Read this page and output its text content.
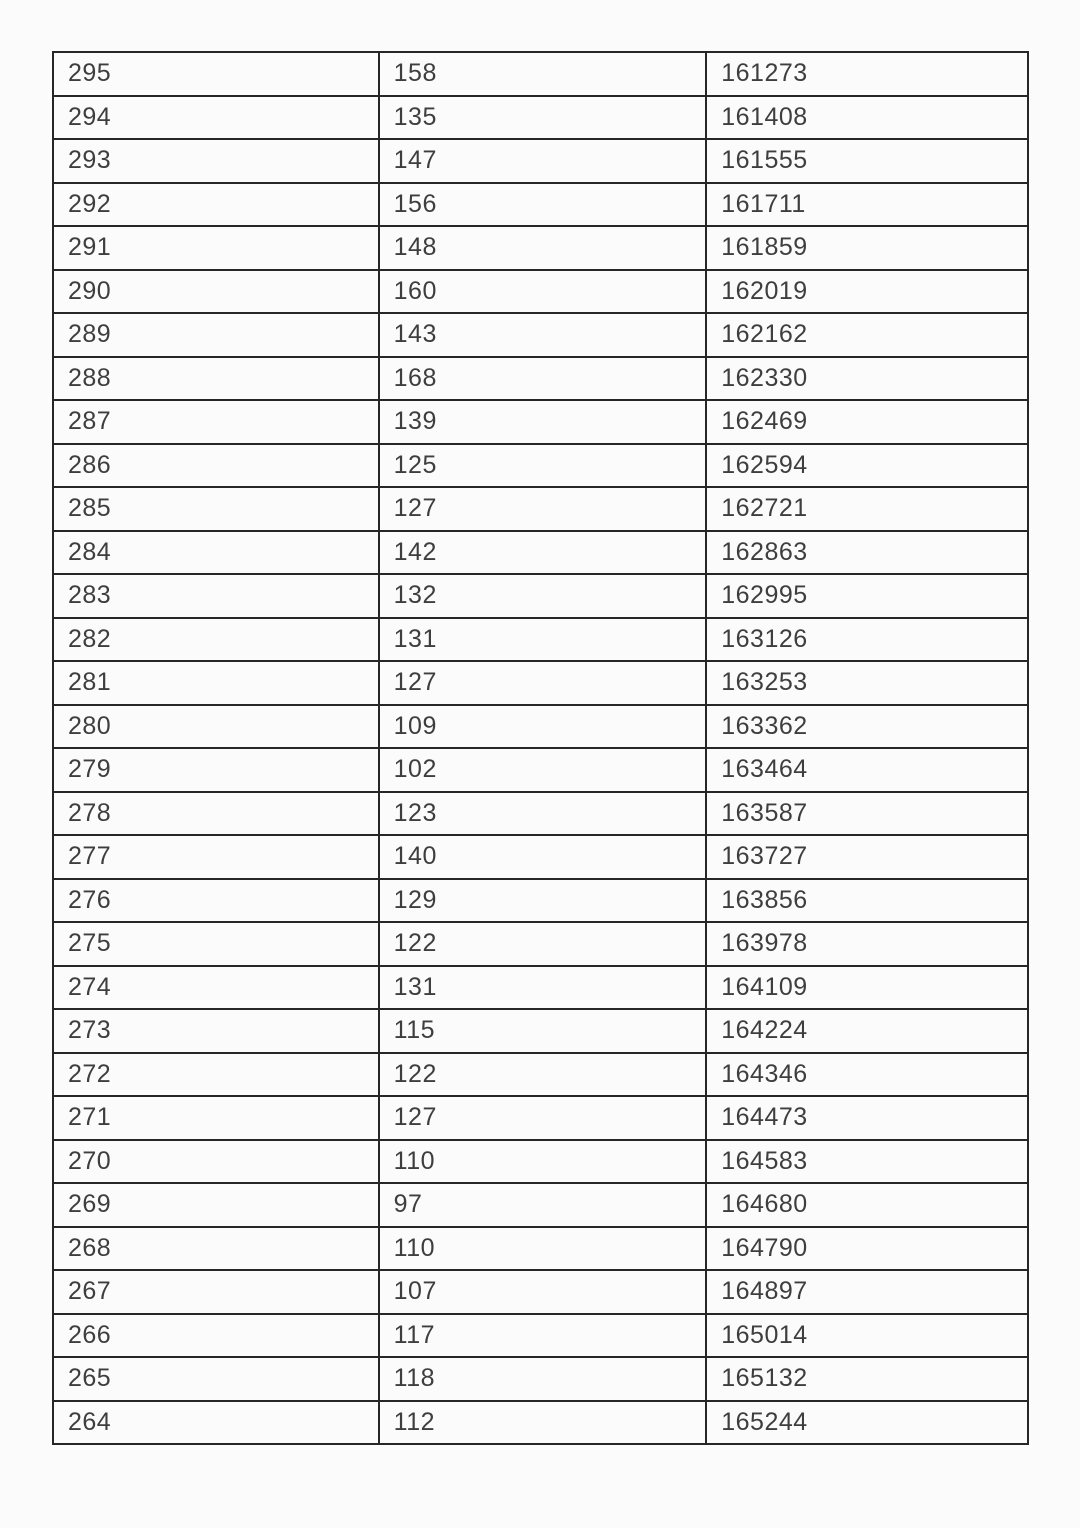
295	158	161273
294	135	161408
293	147	161555
292	156	161711
291	148	161859
290	160	162019
289	143	162162
288	168	162330
287	139	162469
286	125	162594
285	127	162721
284	142	162863
283	132	162995
282	131	163126
281	127	163253
280	109	163362
279	102	163464
278	123	163587
277	140	163727
276	129	163856
275	122	163978
274	131	164109
273	115	164224
272	122	164346
271	127	164473
270	110	164583
269	97	164680
268	110	164790
267	107	164897
266	117	165014
265	118	165132
264	112	165244
